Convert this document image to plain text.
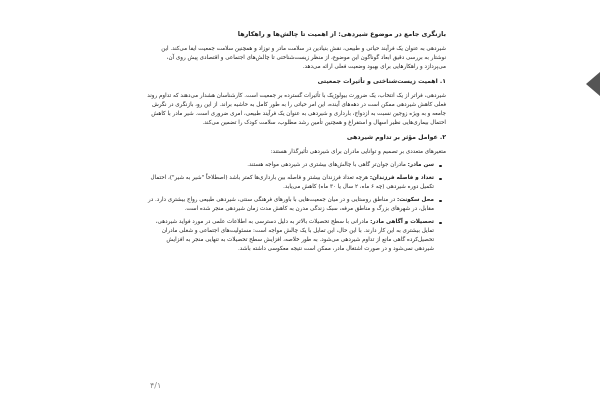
بازنگری جامع در موضوع شیردهی: از اهمیت تا چالش‌ها و راهکارها

شیردهی به عنوان یک فرآیند حیاتی و طبیعی، نقش بنیادین در سلامت مادر و نوزاد و همچنین سلامت جمعیت ایفا می‌کند. این نوشتار به بررسی دقیق ابعاد گوناگون این موضوع، از منظر زیست‌شناختی تا چالش‌های اجتماعی و اقتصادی پیش روی آن، می‌پردازد و راهکارهایی برای بهبود وضعیت فعلی ارائه می‌دهد.

۱. اهمیت زیست‌شناختی و تأثیرات جمعیتی

شیردهی، فراتر از یک انتخاب، یک ضرورت بیولوژیک با تأثیرات گسترده بر جمعیت است. کارشناسان هشدار می‌دهند که تداوم روند فعلی کاهش شیردهی ممکن است در دهه‌های آینده، این امر حیاتی را به طور کامل به حاشیه براند. از این رو، بازنگری در نگرش جامعه و به ویژه زوجین نسبت به ازدواج، بارداری و شیردهی به عنوان یک فرآیند طبیعی، امری ضروری است. شیر مادر با کاهش احتمال بیماری‌هایی نظیر اسهال و استفراغ و همچنین تأمین رشد مطلوب، سلامت کودک را تضمین می‌کند.

۲. عوامل مؤثر بر تداوم شیردهی

متغیرهای متعددی بر تصمیم و توانایی مادران برای شیردهی تأثیرگذار هستند:

سن مادر: مادران جوان‌تر گاهی با چالش‌های بیشتری در شیردهی مواجه هستند.
تعداد و فاصله فرزندان: هرچه تعداد فرزندان بیشتر و فاصله بین بارداری‌ها کمتر باشد (اصطلاحاً "شیر به شیر")، احتمال تکمیل دوره شیردهی (چه ۶ ماه، ۲ سال یا ۳۰ ماه) کاهش می‌یابد.
محل سکونت: در مناطق روستایی و در میان جمعیت‌هایی با باورهای فرهنگی سنتی، شیردهی طبیعی رواج بیشتری دارد. در مقابل، در شهرهای بزرگ و مناطق مرفه، سبک زندگی مدرن به کاهش مدت زمان شیردهی منجر شده است.
تحصیلات و آگاهی مادر: مادرانی با سطح تحصیلات بالاتر به دلیل دسترسی به اطلاعات علمی در مورد فواید شیردهی، تمایل بیشتری به این کار دارند. با این حال، این تمایل با یک چالش مواجه است: مسئولیت‌های اجتماعی و شغلی مادران تحصیل‌کرده گاهی مانع از تداوم شیردهی می‌شود. به طور خلاصه، افزایش سطح تحصیلات به تنهایی منجر به افزایش شیردهی نمی‌شود و در صورت اشتغال مادر، ممکن است نتیجه معکوسی داشته باشد.
۴/۱
